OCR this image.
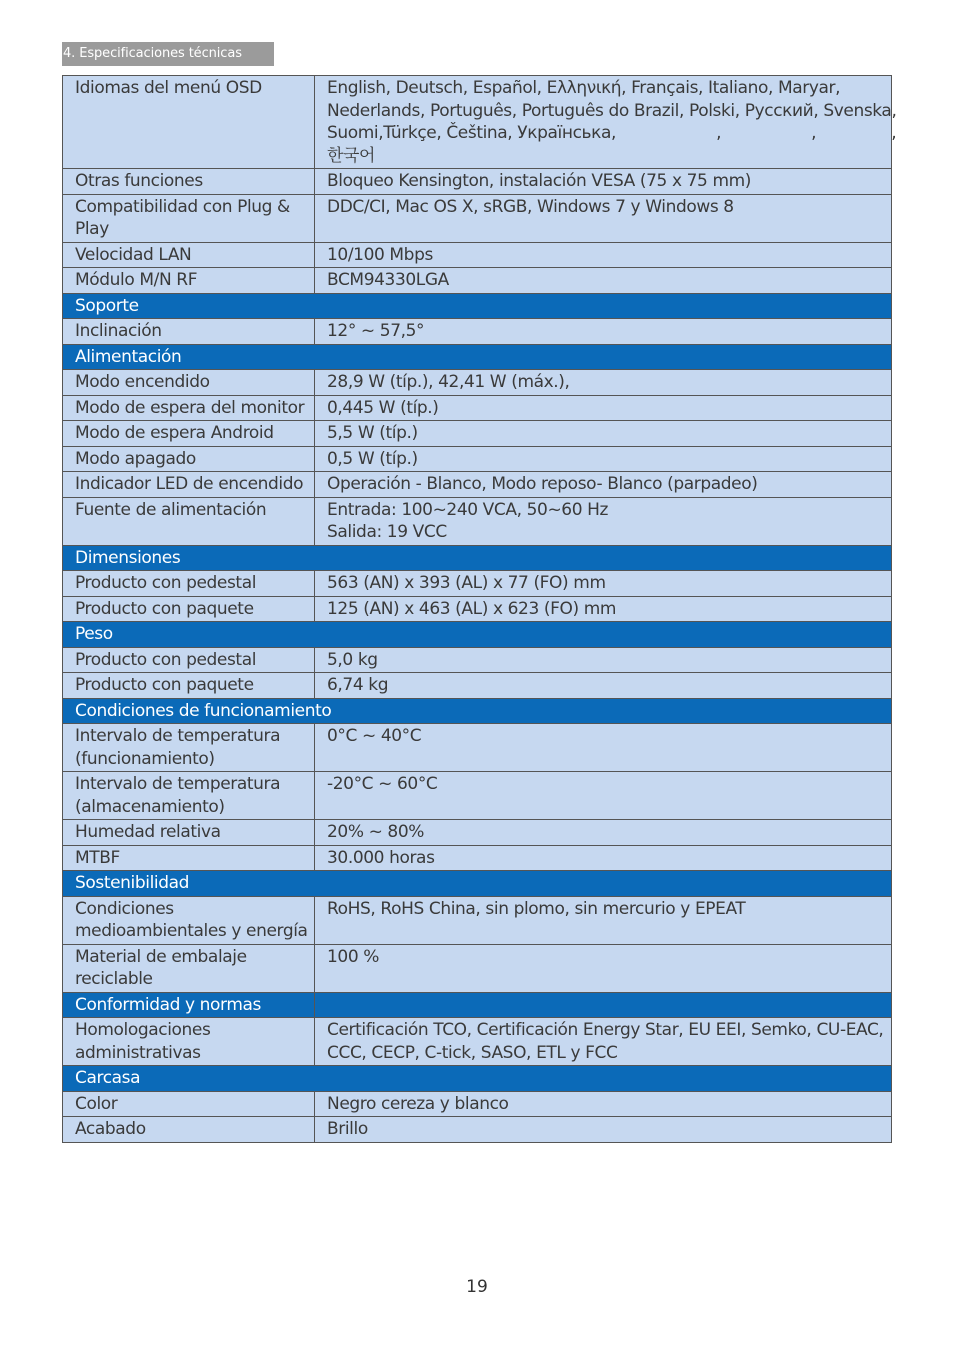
4. Especificaciones técnicas
Idiomas del menú OSD	English, Deutsch, Español, Ελληνική, Français, Italiano, Maryar,
Nederlands, Português, Português do Brazil, Polski, Русский, Svenska,
Suomi,Türkçe, Čeština, Українська,                    ,                  ,               ,
한국어

Otras funciones	Bloqueo Kensington, instalación VESA (75 x 75 mm)

Compatibilidad con Plug & Play	DDC/CI, Mac OS X, sRGB, Windows 7 y Windows 8

Velocidad LAN	10/100 Mbps

Módulo M/N RF	BCM94330LGA

Soporte	
Inclinación	12° ~ 57,5°

Alimentación	
Modo encendido	28,9 W (típ.), 42,41 W (máx.),

Modo de espera del monitor	0,445 W (típ.)

Modo de espera Android	5,5 W (típ.)

Modo apagado	0,5 W (típ.)

Indicador LED de encendido	Operación - Blanco, Modo reposo- Blanco (parpadeo)

Fuente de alimentación	Entrada: 100~240 VCA, 50~60 Hz
Salida: 19 VCC

Dimensiones	
Producto con pedestal	563 (AN) x 393 (AL) x 77 (FO) mm

Producto con paquete	125 (AN) x 463 (AL) x 623 (FO) mm

Peso	
Producto con pedestal	5,0 kg

Producto con paquete	6,74 kg

Condiciones de funcionamiento	
Intervalo de temperatura (funcionamiento)	0°C ~ 40°C

Intervalo de temperatura (almacenamiento)	-20°C ~ 60°C

Humedad relativa	20% ~ 80%

MTBF	30.000 horas

Sostenibilidad	
Condiciones medioambientales y energía	RoHS, RoHS China, sin plomo, sin mercurio y EPEAT

Material de embalaje reciclable	100 %

Conformidad y normas	
Homologaciones administrativas	Certificación TCO, Certificación Energy Star, EU EEI, Semko, CU-EAC,
CCC, CECP, C-tick, SASO, ETL y FCC

Carcasa	
Color	Negro cereza y blanco

Acabado	Brillo
19
